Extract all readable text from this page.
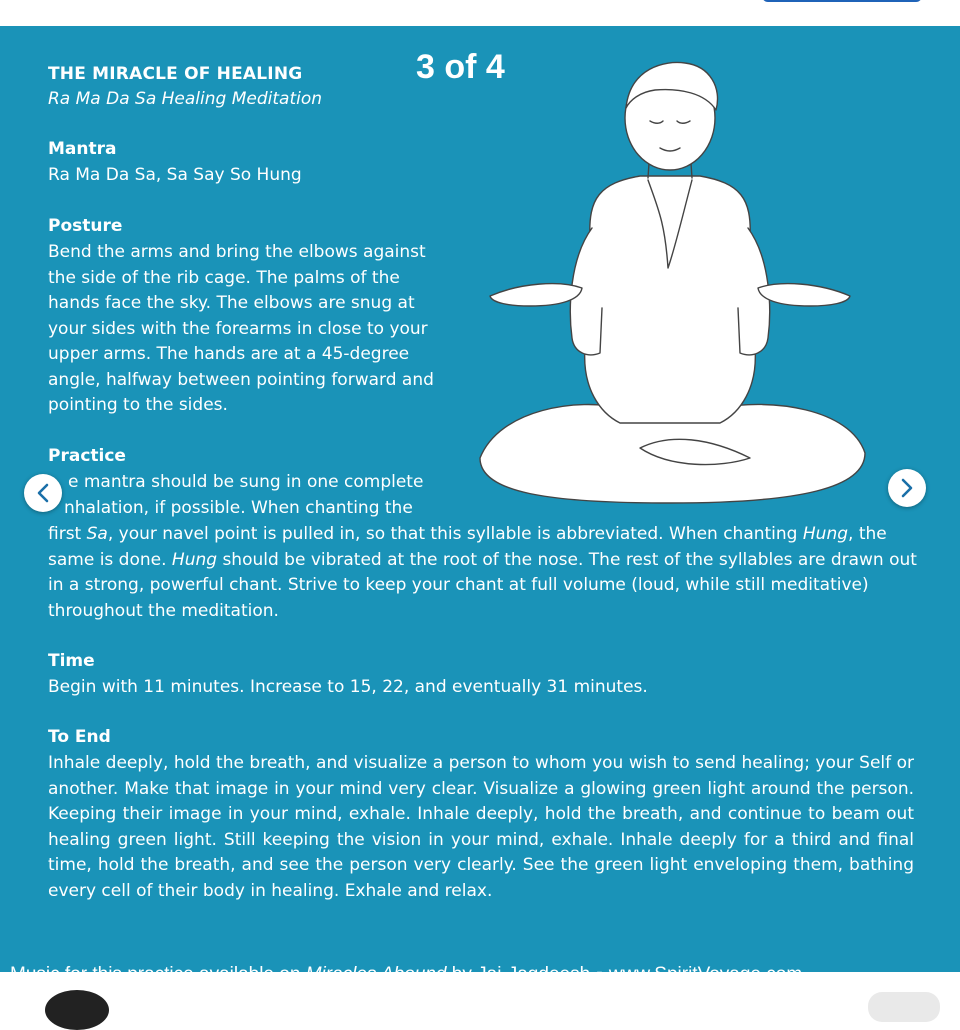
3 of 4
THE MIRACLE OF HEALING
Ra Ma Da Sa Healing Meditation
Mantra
Ra Ma Da Sa, Sa Say So Hung
Posture
Bend the arms and bring the elbows against the side of the rib cage. The palms of the hands face the sky. The elbows are snug at your sides with the forearms in close to your upper arms. The hands are at a 45-degree angle, halfway between pointing forward and pointing to the sides.
Practice
e mantra should be sung in one complete
nhalation, if possible. When chanting the
first Sa, your navel point is pulled in, so that this syllable is abbreviated. When chanting Hung, the same is done. Hung should be vibrated at the root of the nose. The rest of the syllables are drawn out in a strong, powerful chant. Strive to keep your chant at full volume (loud, while still meditative) throughout the meditation.
Time
Begin with 11 minutes. Increase to 15, 22, and eventually 31 minutes.
To End
Inhale deeply, hold the breath, and visualize a person to whom you wish to send healing; your Self or another. Make that image in your mind very clear. Visualize a glowing green light around the person. Keeping their image in your mind, exhale. Inhale deeply, hold the breath, and continue to beam out healing green light. Still keeping the vision in your mind, exhale. Inhale deeply for a third and final time, hold the breath, and see the person very clearly. See the green light enveloping them, bathing every cell of their body in healing. Exhale and relax.
Music for this practice available on Miracles Abound by Jai-Jagdeesh ▪ www.SpiritVoyage.com
